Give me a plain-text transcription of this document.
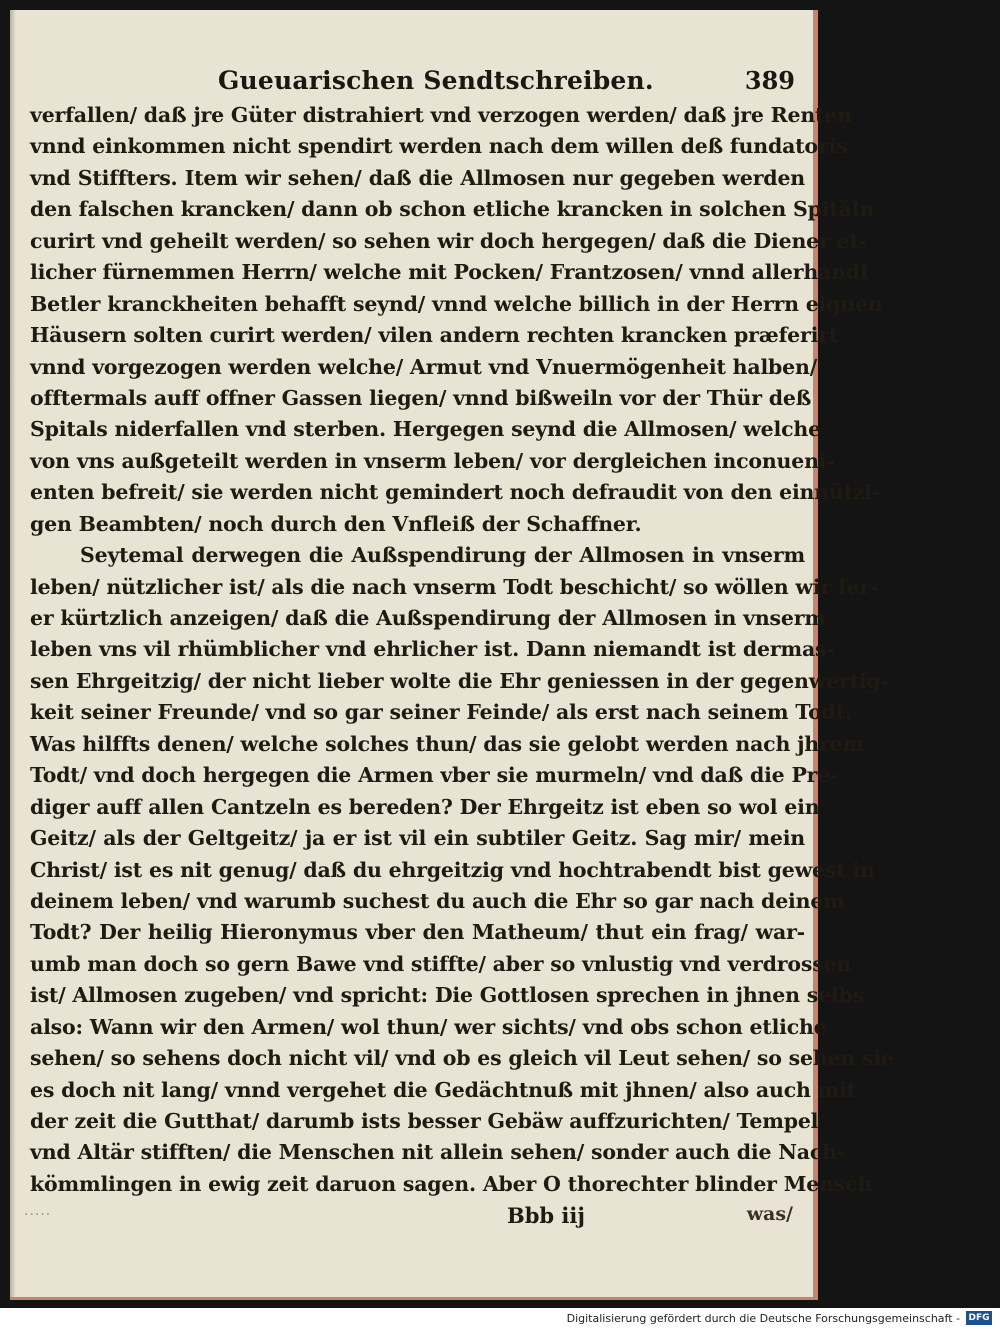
Gueuarischen Sendtschreiben.	389
verfallen/ daß jre Güter distrahiert vnd verzogen werden/ daß jre Renten
vnnd einkommen nicht spendirt werden nach dem willen deß fundatoris
vnd Stiffters. Item wir sehen/ daß die Allmosen nur gegeben werden
den falschen krancken/ dann ob schon etliche krancken in solchen Spitäln
curirt vnd geheilt werden/ so sehen wir doch hergegen/ daß die Diener et-
licher fürnemmen Herrn/ welche mit Pocken/ Frantzosen/ vnnd allerhandt
Betler kranckheiten behafft seynd/ vnnd welche billich in der Herrn eignen
Häusern solten curirt werden/ vilen andern rechten krancken præferirt
vnnd vorgezogen werden welche/ Armut vnd Vnuermögenheit halben/
offtermals auff offner Gassen liegen/ vnnd bißweiln vor der Thür deß
Spitals niderfallen vnd sterben. Hergegen seynd die Allmosen/ welche
von vns außgeteilt werden in vnserm leben/ vor dergleichen inconueni-
enten befreit/ sie werden nicht gemindert noch defraudit von den einnützi-
gen Beambten/ noch durch den Vnfleiß der Schaffner.
Seytemal derwegen die Außspendirung der Allmosen in vnserm
leben/ nützlicher ist/ als die nach vnserm Todt beschicht/ so wöllen wir fer-
er kürtzlich anzeigen/ daß die Außspendirung der Allmosen in vnserm
leben vns vil rhümblicher vnd ehrlicher ist. Dann niemandt ist dermas-
sen Ehrgeitzig/ der nicht lieber wolte die Ehr geniessen in der gegenwertig-
keit seiner Freunde/ vnd so gar seiner Feinde/ als erst nach seinem Todt.
Was hilffts denen/ welche solches thun/ das sie gelobt werden nach jhrem
Todt/ vnd doch hergegen die Armen vber sie murmeln/ vnd daß die Pre-
diger auff allen Cantzeln es bereden? Der Ehrgeitz ist eben so wol ein
Geitz/ als der Geltgeitz/ ja er ist vil ein subtiler Geitz. Sag mir/ mein
Christ/ ist es nit genug/ daß du ehrgeitzig vnd hochtrabendt bist gewest in
deinem leben/ vnd warumb suchest du auch die Ehr so gar nach deinem
Todt? Der heilig Hieronymus vber den Matheum/ thut ein frag/ war-
umb man doch so gern Bawe vnd stiffte/ aber so vnlustig vnd verdrossen
ist/ Allmosen zugeben/ vnd spricht: Die Gottlosen sprechen in jhnen selbs
also: Wann wir den Armen/ wol thun/ wer sichts/ vnd obs schon etliche
sehen/ so sehens doch nicht vil/ vnd ob es gleich vil Leut sehen/ so sehen sie
es doch nit lang/ vnnd vergehet die Gedächtnuß mit jhnen/ also auch mit
der zeit die Gutthat/ darumb ists besser Gebäw auffzurichten/ Tempel
vnd Altär stifften/ die Menschen nit allein sehen/ sonder auch die Nach-
kömmlingen in ewig zeit daruon sagen. Aber O thorechter blinder Mensch
·····	Bbb iij	was/
Digitalisierung gefördert durch die Deutsche Forschungsgemeinschaft - DFG
